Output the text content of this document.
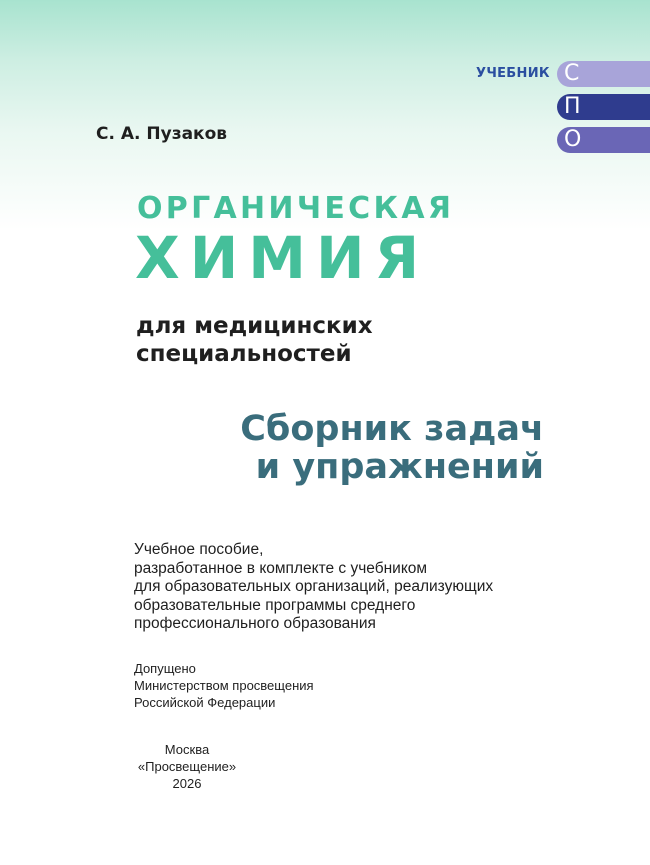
УЧЕБНИК С
П
О
С. А. Пузаков
ОРГАНИЧЕСКАЯ
ХИМИЯ
для медицинских
специальностей
Сборник задач
и упражнений
Учебное пособие,
разработанное в комплекте с учебником
для образовательных организаций, реализующих
образовательные программы среднего
профессионального образования
Допущено
Министерством просвещения
Российской Федерации
Москва
«Просвещение»
2026
